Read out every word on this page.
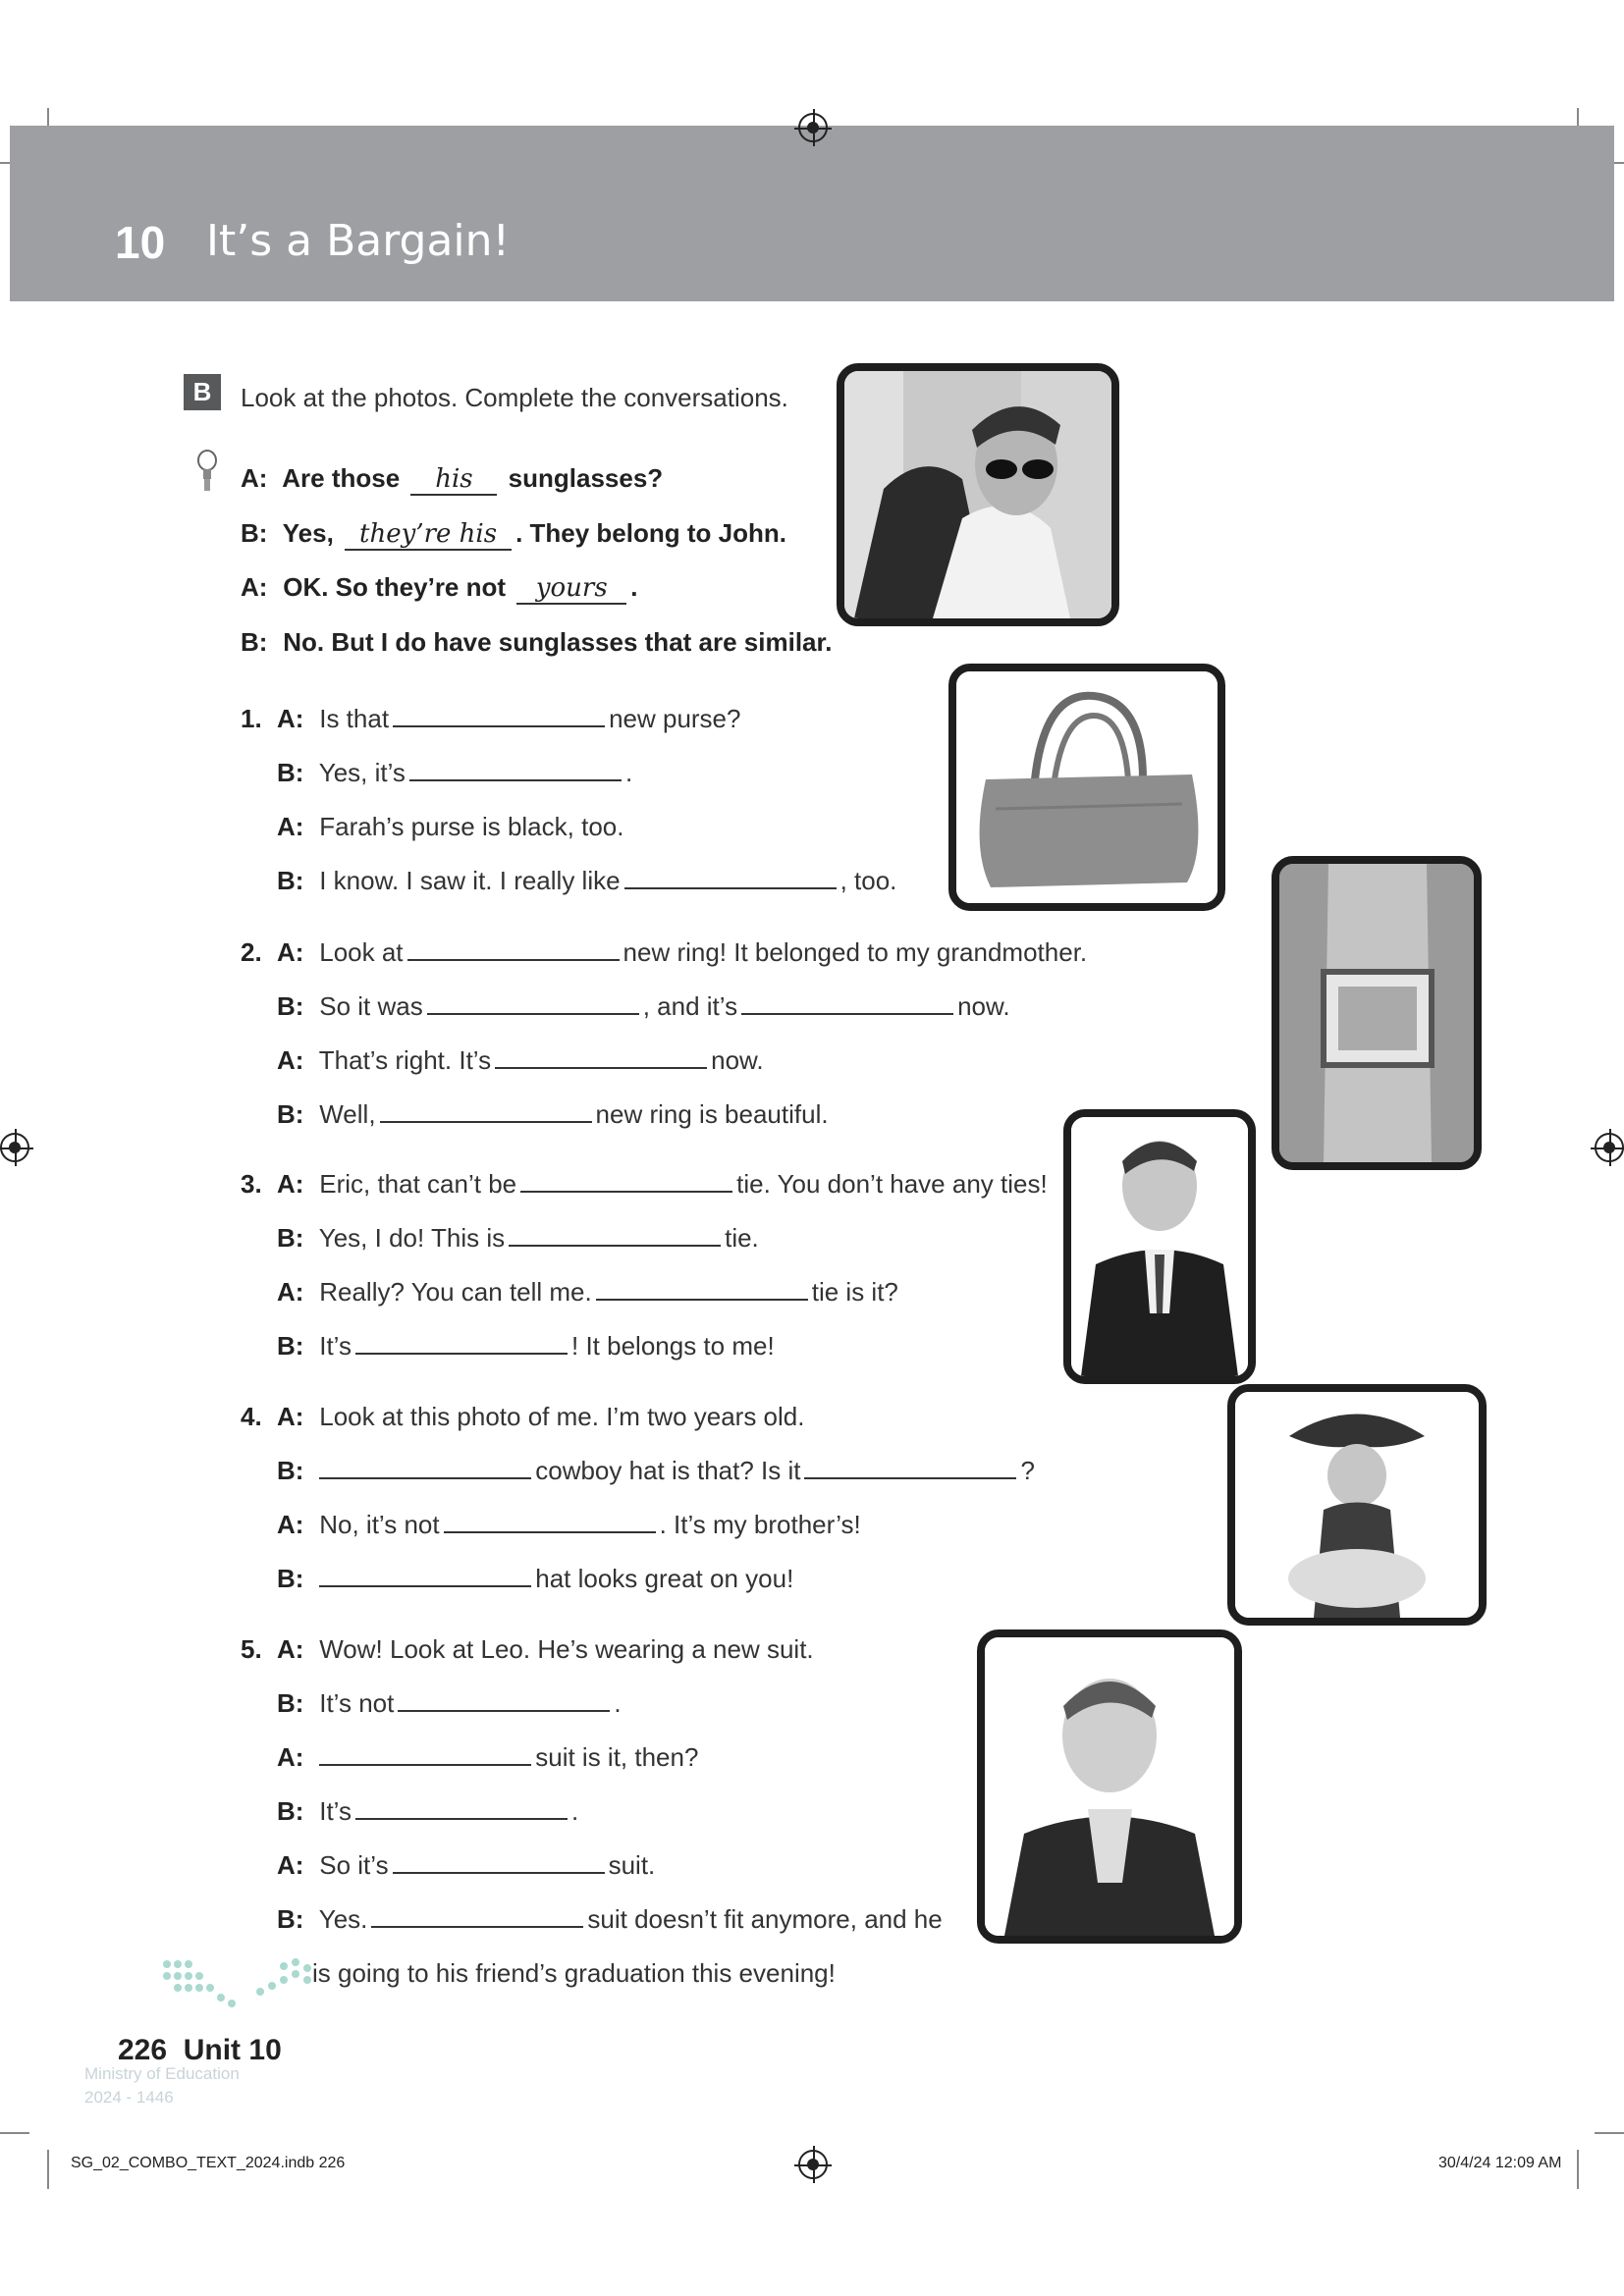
10 It’s a Bargain!
B	Look at the photos. Complete the conversations.
A: Are those his sunglasses?
B: Yes, they’re his . They belong to John.
A: OK. So they’re not yours .
B: No. But I do have sunglasses that are similar.
1. A: Is that	new purse?
B: Yes, it’s	.
A: Farah’s purse is black, too.
B: I know. I saw it. I really like	, too.
2. A: Look at	new ring! It belonged to my grandmother.
B: So it was	, and it’s	now.
A: That’s right. It’s	now.
B: Well,	new ring is beautiful.
3. A: Eric, that can’t be	tie. You don’t have any ties!
B: Yes, I do! This is	tie.
A: Really? You can tell me.	tie is it?
B: It’s	! It belongs to me!
4. A: Look at this photo of me. I’m two years old.
B:	cowboy hat is that? Is it	?
A: No, it’s not	. It’s my brother’s!
B:	hat looks great on you!
5. A: Wow! Look at Leo. He’s wearing a new suit.
B: It’s not	.
A:	suit is it, then?
B: It’s	.
A: So it’s	suit.
B: Yes.	suit doesn’t fit anymore, and he
is going to his friend’s graduation this evening!
226 Unit 10
Ministry of Education
2024 - 1446
SG_02_COMBO_TEXT_2024.indb 226	30/4/24 12:09 AM
